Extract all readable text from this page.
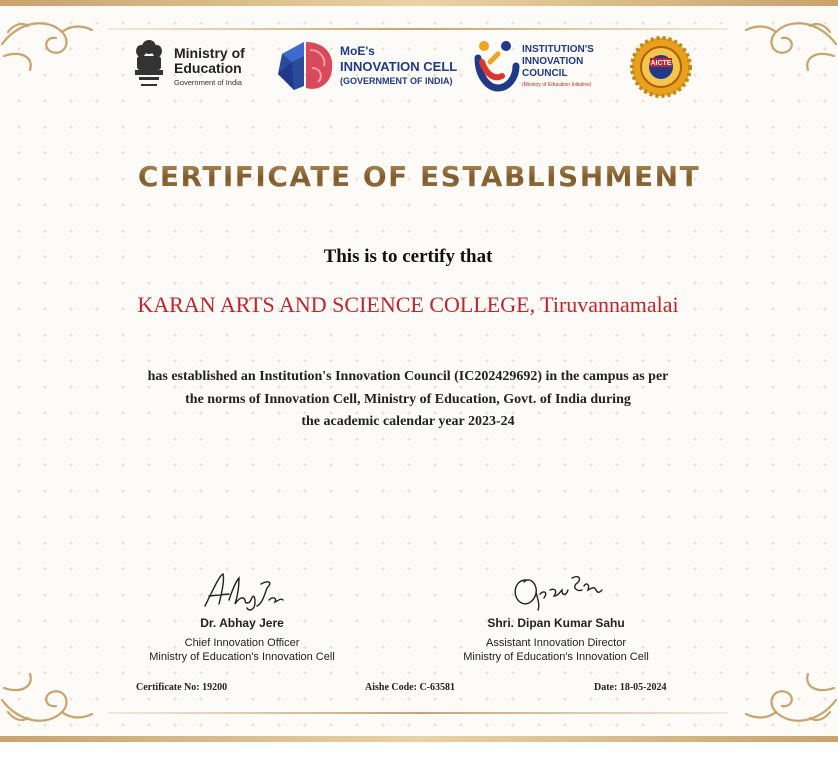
Ministry of
Education
Government of India
MoE's
INNOVATION CELL
(GOVERNMENT OF INDIA)
INSTITUTION'S
INNOVATION
COUNCIL
(Ministry of Education Initiative)
AICTE
CERTIFICATE OF ESTABLISHMENT
This is to certify that
KARAN ARTS AND SCIENCE COLLEGE, Tiruvannamalai
has established an Institution's Innovation Council (IC202429692) in the campus as per
the norms of Innovation Cell, Ministry of Education, Govt. of India during
the academic calendar year 2023-24
Dr. Abhay Jere
Chief Innovation Officer
Ministry of Education's Innovation Cell
Shri. Dipan Kumar Sahu
Assistant Innovation Director
Ministry of Education's Innovation Cell
Certificate No: 19200	Aishe Code: C-63581	Date: 18-05-2024
